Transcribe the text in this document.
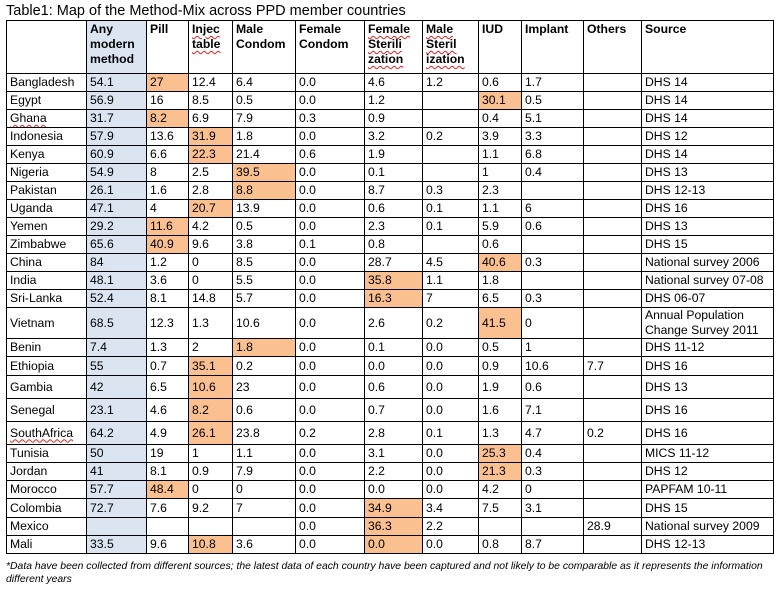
Table1: Map of the Method-Mix across PPD member countries
	Any modern method	Pill	Injec table	Male Condom	Female Condom	Female Sterili zation	Male Steril ization	IUD	Implant	Others	Source
Bangladesh	54.1	27	12.4	6.4	0.0	4.6	1.2	0.6	1.7		DHS 14
Egypt	56.9	16	8.5	0.5	0.0	1.2		30.1	0.5		DHS 14
Ghana	31.7	8.2	6.9	7.9	0.3	0.9		0.4	5.1		DHS 14
Indonesia	57.9	13.6	31.9	1.8	0.0	3.2	0.2	3.9	3.3		DHS 12
Kenya	60.9	6.6	22.3	21.4	0.6	1.9		1.1	6.8		DHS 14
Nigeria	54.9	8	2.5	39.5	0.0	0.1		1	0.4		DHS 13
Pakistan	26.1	1.6	2.8	8.8	0.0	8.7	0.3	2.3			DHS 12-13
Uganda	47.1	4	20.7	13.9	0.0	0.6	0.1	1.1	6		DHS 16
Yemen	29.2	11.6	4.2	0.5	0.0	2.3	0.1	5.9	0.6		DHS 13
Zimbabwe	65.6	40.9	9.6	3.8	0.1	0.8		0.6			DHS 15
China	84	1.2	0	8.5	0.0	28.7	4.5	40.6	0.3		National survey 2006
India	48.1	3.6	0	5.5	0.0	35.8	1.1	1.8			National survey 07-08
Sri-Lanka	52.4	8.1	14.8	5.7	0.0	16.3	7	6.5	0.3		DHS 06-07
Vietnam	68.5	12.3	1.3	10.6	0.0	2.6	0.2	41.5	0		Annual Population Change Survey 2011
Benin	7.4	1.3	2	1.8	0.0	0.1	0.0	0.5	1		DHS 11-12
Ethiopia	55	0.7	35.1	0.2	0.0	0.0	0.0	0.9	10.6	7.7	DHS 16
Gambia	42	6.5	10.6	23	0.0	0.6	0.0	1.9	0.6		DHS 13
Senegal	23.1	4.6	8.2	0.6	0.0	0.7	0.0	1.6	7.1		DHS 16
SouthAfrica	64.2	4.9	26.1	23.8	0.2	2.8	0.1	1.3	4.7	0.2	DHS 16
Tunisia	50	19	1	1.1	0.0	3.1	0.0	25.3	0.4		MICS 11-12
Jordan	41	8.1	0.9	7.9	0.0	2.2	0.0	21.3	0.3		DHS 12
Morocco	57.7	48.4	0	0	0.0	0.0	0.0	4.2	0		PAPFAM 10-11
Colombia	72.7	7.6	9.2	7	0.0	34.9	3.4	7.5	3.1		DHS 15
Mexico					0.0	36.3	2.2			28.9	National survey 2009
Mali	33.5	9.6	10.8	3.6	0.0	0.0	0.0	0.8	8.7		DHS 12-13
*Data have been collected from different sources; the latest data of each country have been captured and not likely to be comparable as it represents the information different years
